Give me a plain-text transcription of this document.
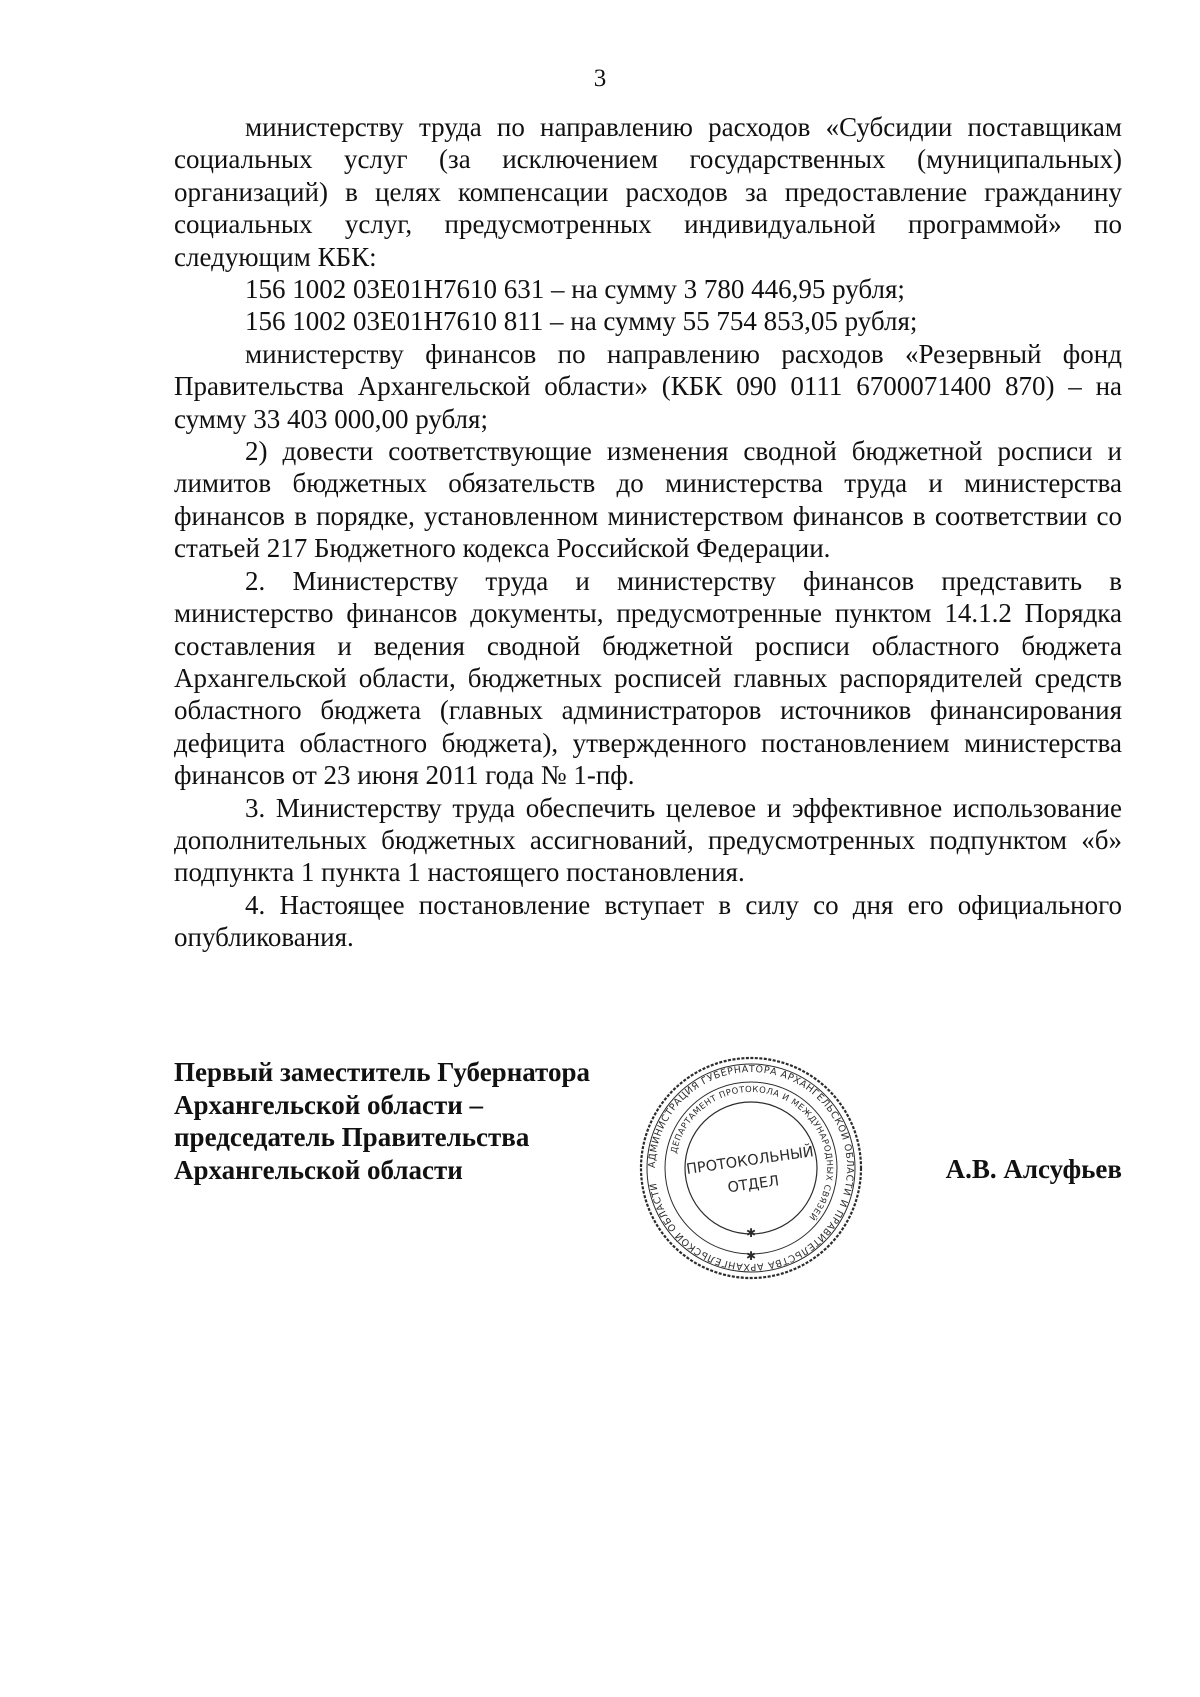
3

министерству труда по направлению расходов «Субсидии поставщикам социальных услуг (за исключением государственных (муниципальных) организаций) в целях компенсации расходов за предоставление гражданину социальных услуг, предусмотренных индивидуальной программой» по следующим КБК:

156 1002 03Е01Н7610 631 – на сумму 3 780 446,95 рубля;

156 1002 03Е01Н7610 811 – на сумму 55 754 853,05 рубля;

министерству финансов по направлению расходов «Резервный фонд Правительства Архангельской области» (КБК 090 0111 6700071400 870) – на сумму 33 403 000,00 рубля;

2) довести соответствующие изменения сводной бюджетной росписи и лимитов бюджетных обязательств до министерства труда и министерства финансов в порядке, установленном министерством финансов в соответствии со статьей 217 Бюджетного кодекса Российской Федерации.

2. Министерству труда и министерству финансов представить в министерство финансов документы, предусмотренные пунктом 14.1.2 Порядка составления и ведения сводной бюджетной росписи областного бюджета Архангельской области, бюджетных росписей главных распорядителей средств областного бюджета (главных администраторов источников финансирования дефицита областного бюджета), утвержденного постановлением министерства финансов от 23 июня 2011 года № 1-пф.

3. Министерству труда обеспечить целевое и эффективное использование дополнительных бюджетных ассигнований, предусмотренных подпунктом «б» подпункта 1 пункта 1 настоящего постановления.

4. Настоящее постановление вступает в силу со дня его официального опубликования.

Первый заместитель Губернатора
Архангельской области –
председатель Правительства
Архангельской области	А.В. Алсуфьев
АДМИНИСТРАЦИЯ ГУБЕРНАТОРА АРХАНГЕЛЬСКОЙ ОБЛАСТИ И ПРАВИТЕЛЬСТВА АРХАНГЕЛЬСКОЙ ОБЛАСТИ
ДЕПАРТАМЕНТ ПРОТОКОЛА И МЕЖДУНАРОДНЫХ СВЯЗЕЙ
ПРОТОКОЛЬНЫЙ
ОТДЕЛ
✱
✱
